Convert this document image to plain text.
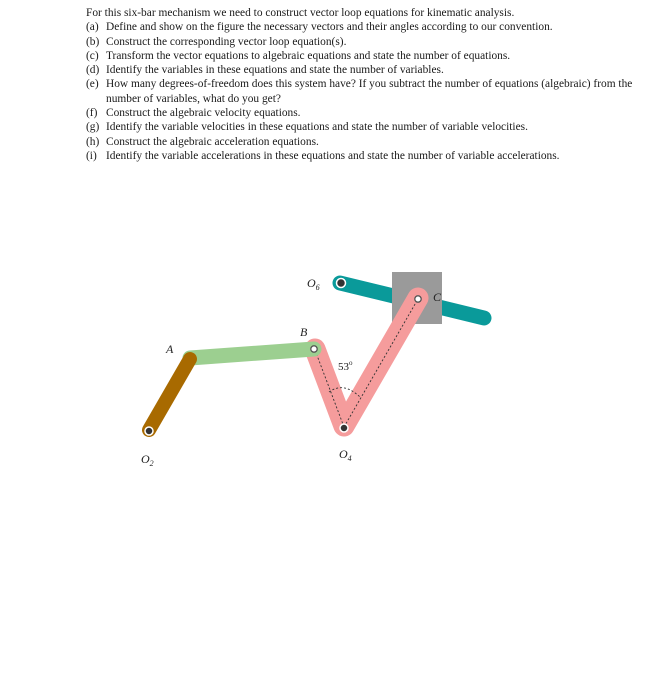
For this six-bar mechanism we need to construct vector loop equations for kinematic analysis.

(a) Define and show on the figure the necessary vectors and their angles according to our convention.
(b) Construct the corresponding vector loop equation(s).
(c) Transform the vector equations to algebraic equations and state the number of equations.
(d) Identify the variables in these equations and state the number of variables.
(e) How many degrees-of-freedom does this system have? If you subtract the number of equations (algebraic) from the number of variables, what do you get?
(f) Construct the algebraic velocity equations.
(g) Identify the variable velocities in these equations and state the number of variable velocities.
(h) Construct the algebraic acceleration equations.
(i) Identify the variable accelerations in these equations and state the number of variable accelerations.
A
B
C
$O_2$
$O_4$
$O_6$
53$^o$
